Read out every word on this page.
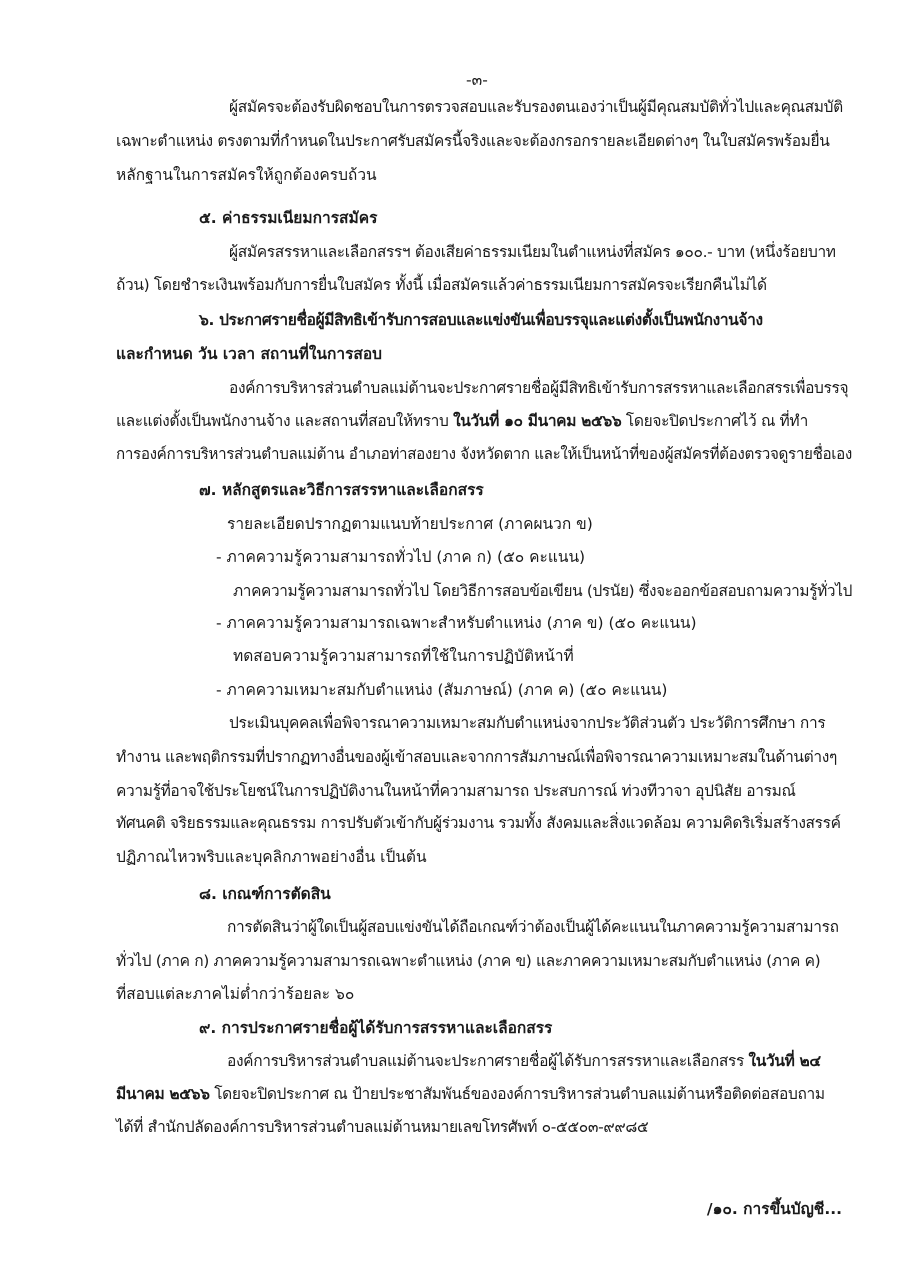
-๓-
ผู้สมัครจะต้องรับผิดชอบในการตรวจสอบและรับรองตนเองว่าเป็นผู้มีคุณสมบัติทั่วไปและคุณสมบัติ
เฉพาะตำแหน่ง ตรงตามที่กำหนดในประกาศรับสมัครนี้จริงและจะต้องกรอกรายละเอียดต่างๆ ในใบสมัครพร้อมยื่น
หลักฐานในการสมัครให้ถูกต้องครบถ้วน
๕. ค่าธรรมเนียมการสมัคร
ผู้สมัครสรรหาและเลือกสรรฯ ต้องเสียค่าธรรมเนียมในตำแหน่งที่สมัคร ๑๐๐.- บาท (หนึ่งร้อยบาท
ถ้วน) โดยชำระเงินพร้อมกับการยื่นใบสมัคร ทั้งนี้ เมื่อสมัครแล้วค่าธรรมเนียมการสมัครจะเรียกคืนไม่ได้
๖. ประกาศรายชื่อผู้มีสิทธิเข้ารับการสอบและแข่งขันเพื่อบรรจุและแต่งตั้งเป็นพนักงานจ้าง
และกำหนด วัน เวลา สถานที่ในการสอบ
องค์การบริหารส่วนตำบลแม่ต้านจะประกาศรายชื่อผู้มีสิทธิเข้ารับการสรรหาและเลือกสรรเพื่อบรรจุ
และแต่งตั้งเป็นพนักงานจ้าง และสถานที่สอบให้ทราบ ในวันที่ ๑๐ มีนาคม ๒๕๖๖ โดยจะปิดประกาศไว้ ณ ที่ทำ
การองค์การบริหารส่วนตำบลแม่ต้าน อำเภอท่าสองยาง จังหวัดตาก และให้เป็นหน้าที่ของผู้สมัครที่ต้องตรวจดูรายชื่อเอง
๗. หลักสูตรและวิธีการสรรหาและเลือกสรร
รายละเอียดปรากฏตามแนบท้ายประกาศ (ภาคผนวก ข)
- ภาคความรู้ความสามารถทั่วไป (ภาค ก) (๕๐ คะแนน)
ภาคความรู้ความสามารถทั่วไป โดยวิธีการสอบข้อเขียน (ปรนัย) ซึ่งจะออกข้อสอบถามความรู้ทั่วไป
- ภาคความรู้ความสามารถเฉพาะสำหรับตำแหน่ง (ภาค ข) (๕๐ คะแนน)
ทดสอบความรู้ความสามารถที่ใช้ในการปฏิบัติหน้าที่
- ภาคความเหมาะสมกับตำแหน่ง (สัมภาษณ์) (ภาค ค) (๕๐ คะแนน)
ประเมินบุคคลเพื่อพิจารณาความเหมาะสมกับตำแหน่งจากประวัติส่วนตัว ประวัติการศึกษา การ
ทำงาน และพฤติกรรมที่ปรากฏทางอื่นของผู้เข้าสอบและจากการสัมภาษณ์เพื่อพิจารณาความเหมาะสมในด้านต่างๆ
ความรู้ที่อาจใช้ประโยชน์ในการปฏิบัติงานในหน้าที่ความสามารถ ประสบการณ์ ท่วงทีวาจา อุปนิสัย อารมณ์
ทัศนคติ จริยธรรมและคุณธรรม การปรับตัวเข้ากับผู้ร่วมงาน รวมทั้ง สังคมและสิ่งแวดล้อม ความคิดริเริ่มสร้างสรรค์
ปฏิภาณไหวพริบและบุคลิกภาพอย่างอื่น เป็นต้น
๘. เกณฑ์การตัดสิน
การตัดสินว่าผู้ใดเป็นผู้สอบแข่งขันได้ถือเกณฑ์ว่าต้องเป็นผู้ได้คะแนนในภาคความรู้ความสามารถ
ทั่วไป (ภาค ก) ภาคความรู้ความสามารถเฉพาะตำแหน่ง (ภาค ข) และภาคความเหมาะสมกับตำแหน่ง (ภาค ค)
ที่สอบแต่ละภาคไม่ต่ำกว่าร้อยละ ๖๐
๙. การประกาศรายชื่อผู้ได้รับการสรรหาและเลือกสรร
องค์การบริหารส่วนตำบลแม่ต้านจะประกาศรายชื่อผู้ได้รับการสรรหาและเลือกสรร ในวันที่ ๒๔
มีนาคม ๒๕๖๖ โดยจะปิดประกาศ ณ ป้ายประชาสัมพันธ์ขององค์การบริหารส่วนตำบลแม่ต้านหรือติดต่อสอบถาม
ได้ที่ สำนักปลัดองค์การบริหารส่วนตำบลแม่ต้านหมายเลขโทรศัพท์ ๐-๕๕๐๓-๙๙๘๕
/๑๐. การขึ้นบัญชี...
